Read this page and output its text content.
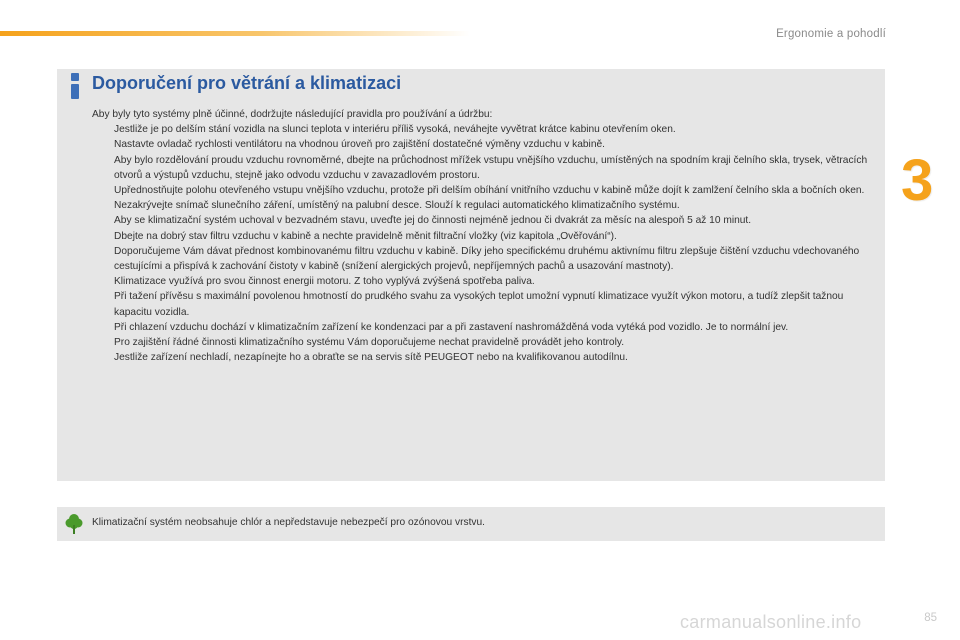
Ergonomie a pohodlí
3
Doporučení pro větrání a klimatizaci

Aby byly tyto systémy plně účinné, dodržujte následující pravidla pro používání a údržbu:

Jestliže je po delším stání vozidla na slunci teplota v interiéru příliš vysoká, neváhejte vyvětrat krátce kabinu otevřením oken.
Nastavte ovladač rychlosti ventilátoru na vhodnou úroveň pro zajištění dostatečné výměny vzduchu v kabině.
Aby bylo rozdělování proudu vzduchu rovnoměrné, dbejte na průchodnost mřížek vstupu vnějšího vzduchu, umístěných na spodním kraji čelního skla, trysek, větracích otvorů a výstupů vzduchu, stejně jako odvodu vzduchu v zavazadlovém prostoru.
Upřednostňujte polohu otevřeného vstupu vnějšího vzduchu, protože při delším obíhání vnitřního vzduchu v kabině může dojít k zamlžení čelního skla a bočních oken.
Nezakrývejte snímač slunečního záření, umístěný na palubní desce. Slouží k regulaci automatického klimatizačního systému.
Aby se klimatizační systém uchoval v bezvadném stavu, uveďte jej do činnosti nejméně jednou či dvakrát za měsíc na alespoň 5 až 10 minut.
Dbejte na dobrý stav filtru vzduchu v kabině a nechte pravidelně měnit filtrační vložky (viz kapitola „Ověřování“).
Doporučujeme Vám dávat přednost kombinovanému filtru vzduchu v kabině. Díky jeho specifickému druhému aktivnímu filtru zlepšuje čištění vzduchu vdechovaného cestujícími a přispívá k zachování čistoty v kabině (snížení alergických projevů, nepříjemných pachů a usazování mastnoty).
Klimatizace využívá pro svou činnost energii motoru. Z toho vyplývá zvýšená spotřeba paliva.
Při tažení přívěsu s maximální povolenou hmotností do prudkého svahu za vysokých teplot umožní vypnutí klimatizace využít výkon motoru, a tudíž zlepšit tažnou kapacitu vozidla.
Při chlazení vzduchu dochází v klimatizačním zařízení ke kondenzaci par a při zastavení nashromážděná voda vytéká pod vozidlo. Je to normální jev.
Pro zajištění řádné činnosti klimatizačního systému Vám doporučujeme nechat pravidelně provádět jeho kontroly.
Jestliže zařízení nechladí, nezapínejte ho a obraťte se na servis sítě PEUGEOT nebo na kvalifikovanou autodílnu.
Klimatizační systém neobsahuje chlór a nepředstavuje nebezpečí pro ozónovou vrstvu.
carmanualsonline.info	85
